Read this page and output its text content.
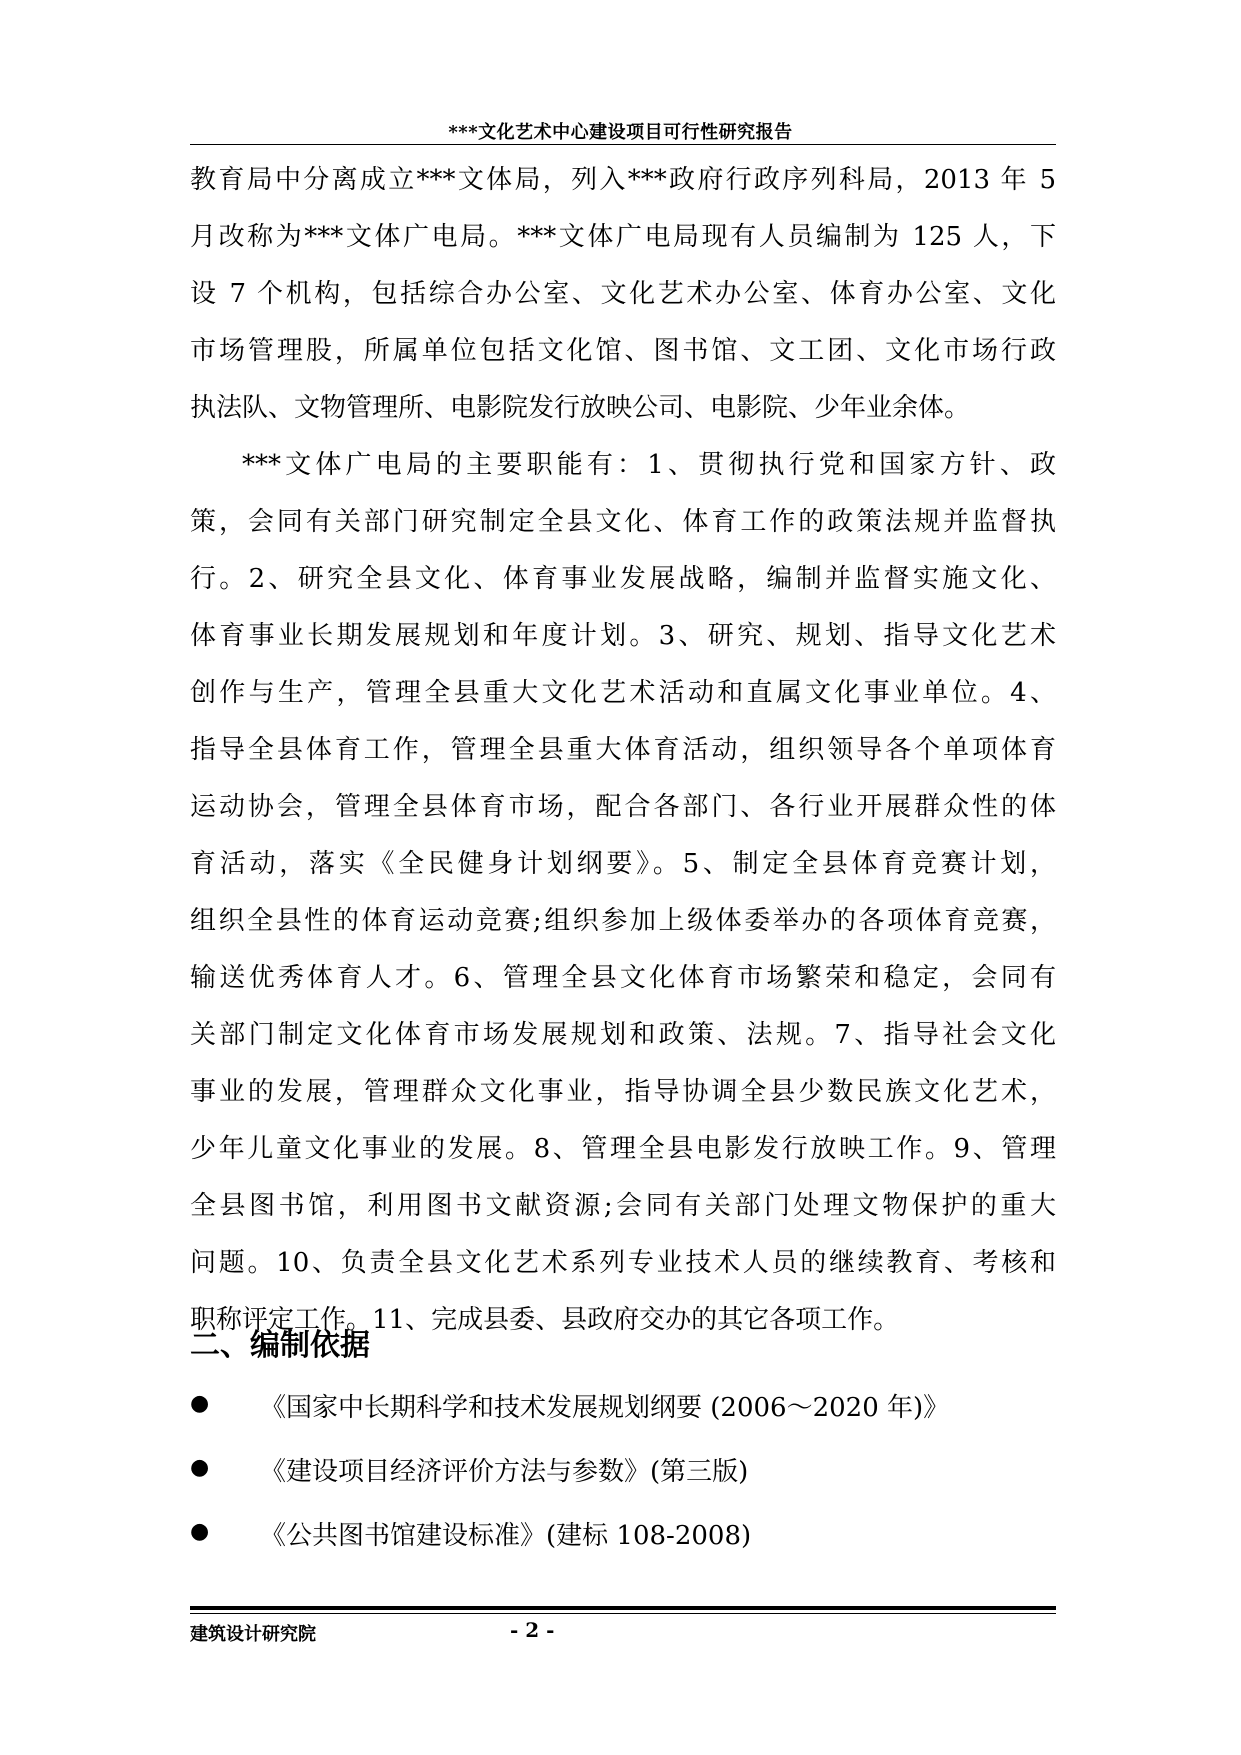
***文化艺术中心建设项目可行性研究报告

教育局中分离成立***文体局，列入***政府行政序列科局，2013 年 5

月改称为***文体广电局。***文体广电局现有人员编制为 125 人，下

设 7 个机构，包括综合办公室、文化艺术办公室、体育办公室、文化

市场管理股，所属单位包括文化馆、图书馆、文工团、文化市场行政

执法队、文物管理所、电影院发行放映公司、电影院、少年业余体。

***文体广电局的主要职能有：1、贯彻执行党和国家方针、政

策，会同有关部门研究制定全县文化、体育工作的政策法规并监督执

行。2、研究全县文化、体育事业发展战略，编制并监督实施文化、

体育事业长期发展规划和年度计划。3、研究、规划、指导文化艺术

创作与生产，管理全县重大文化艺术活动和直属文化事业单位。4、

指导全县体育工作，管理全县重大体育活动，组织领导各个单项体育

运动协会，管理全县体育市场，配合各部门、各行业开展群众性的体

育活动，落实《全民健身计划纲要》。5、制定全县体育竞赛计划，

组织全县性的体育运动竞赛;组织参加上级体委举办的各项体育竞赛，

输送优秀体育人才。6、管理全县文化体育市场繁荣和稳定，会同有

关部门制定文化体育市场发展规划和政策、法规。7、指导社会文化

事业的发展，管理群众文化事业，指导协调全县少数民族文化艺术，

少年儿童文化事业的发展。8、管理全县电影发行放映工作。9、管理

全县图书馆，利用图书文献资源;会同有关部门处理文物保护的重大

问题。10、负责全县文化艺术系列专业技术人员的继续教育、考核和

职称评定工作。11、完成县委、县政府交办的其它各项工作。

二、编制依据
●	《国家中长期科学和技术发展规划纲要 (2006～2020 年)》
●	《建设项目经济评价方法与参数》(第三版)
●	《公共图书馆建设标准》(建标 108-2008)
建筑设计研究院	- 2 -
